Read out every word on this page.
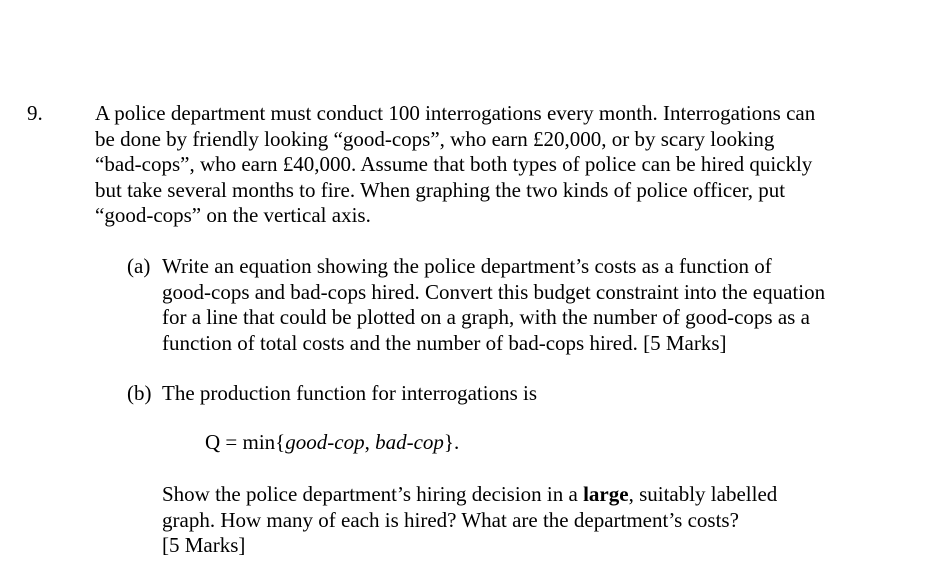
9. A police department must conduct 100 interrogations every month. Interrogations can
be done by friendly looking “good-cops”, who earn £20,000, or by scary looking
“bad-cops”, who earn £40,000. Assume that both types of police can be hired quickly
but take several months to fire. When graphing the two kinds of police officer, put
“good-cops” on the vertical axis.

(a) Write an equation showing the police department’s costs as a function of
good-cops and bad-cops hired. Convert this budget constraint into the equation
for a line that could be plotted on a graph, with the number of good-cops as a
function of total costs and the number of bad-cops hired. [5 Marks]

(b) The production function for interrogations is

Q = min{good-cop, bad-cop}.

Show the police department’s hiring decision in a large, suitably labelled
graph. How many of each is hired? What are the department’s costs?
[5 Marks]
